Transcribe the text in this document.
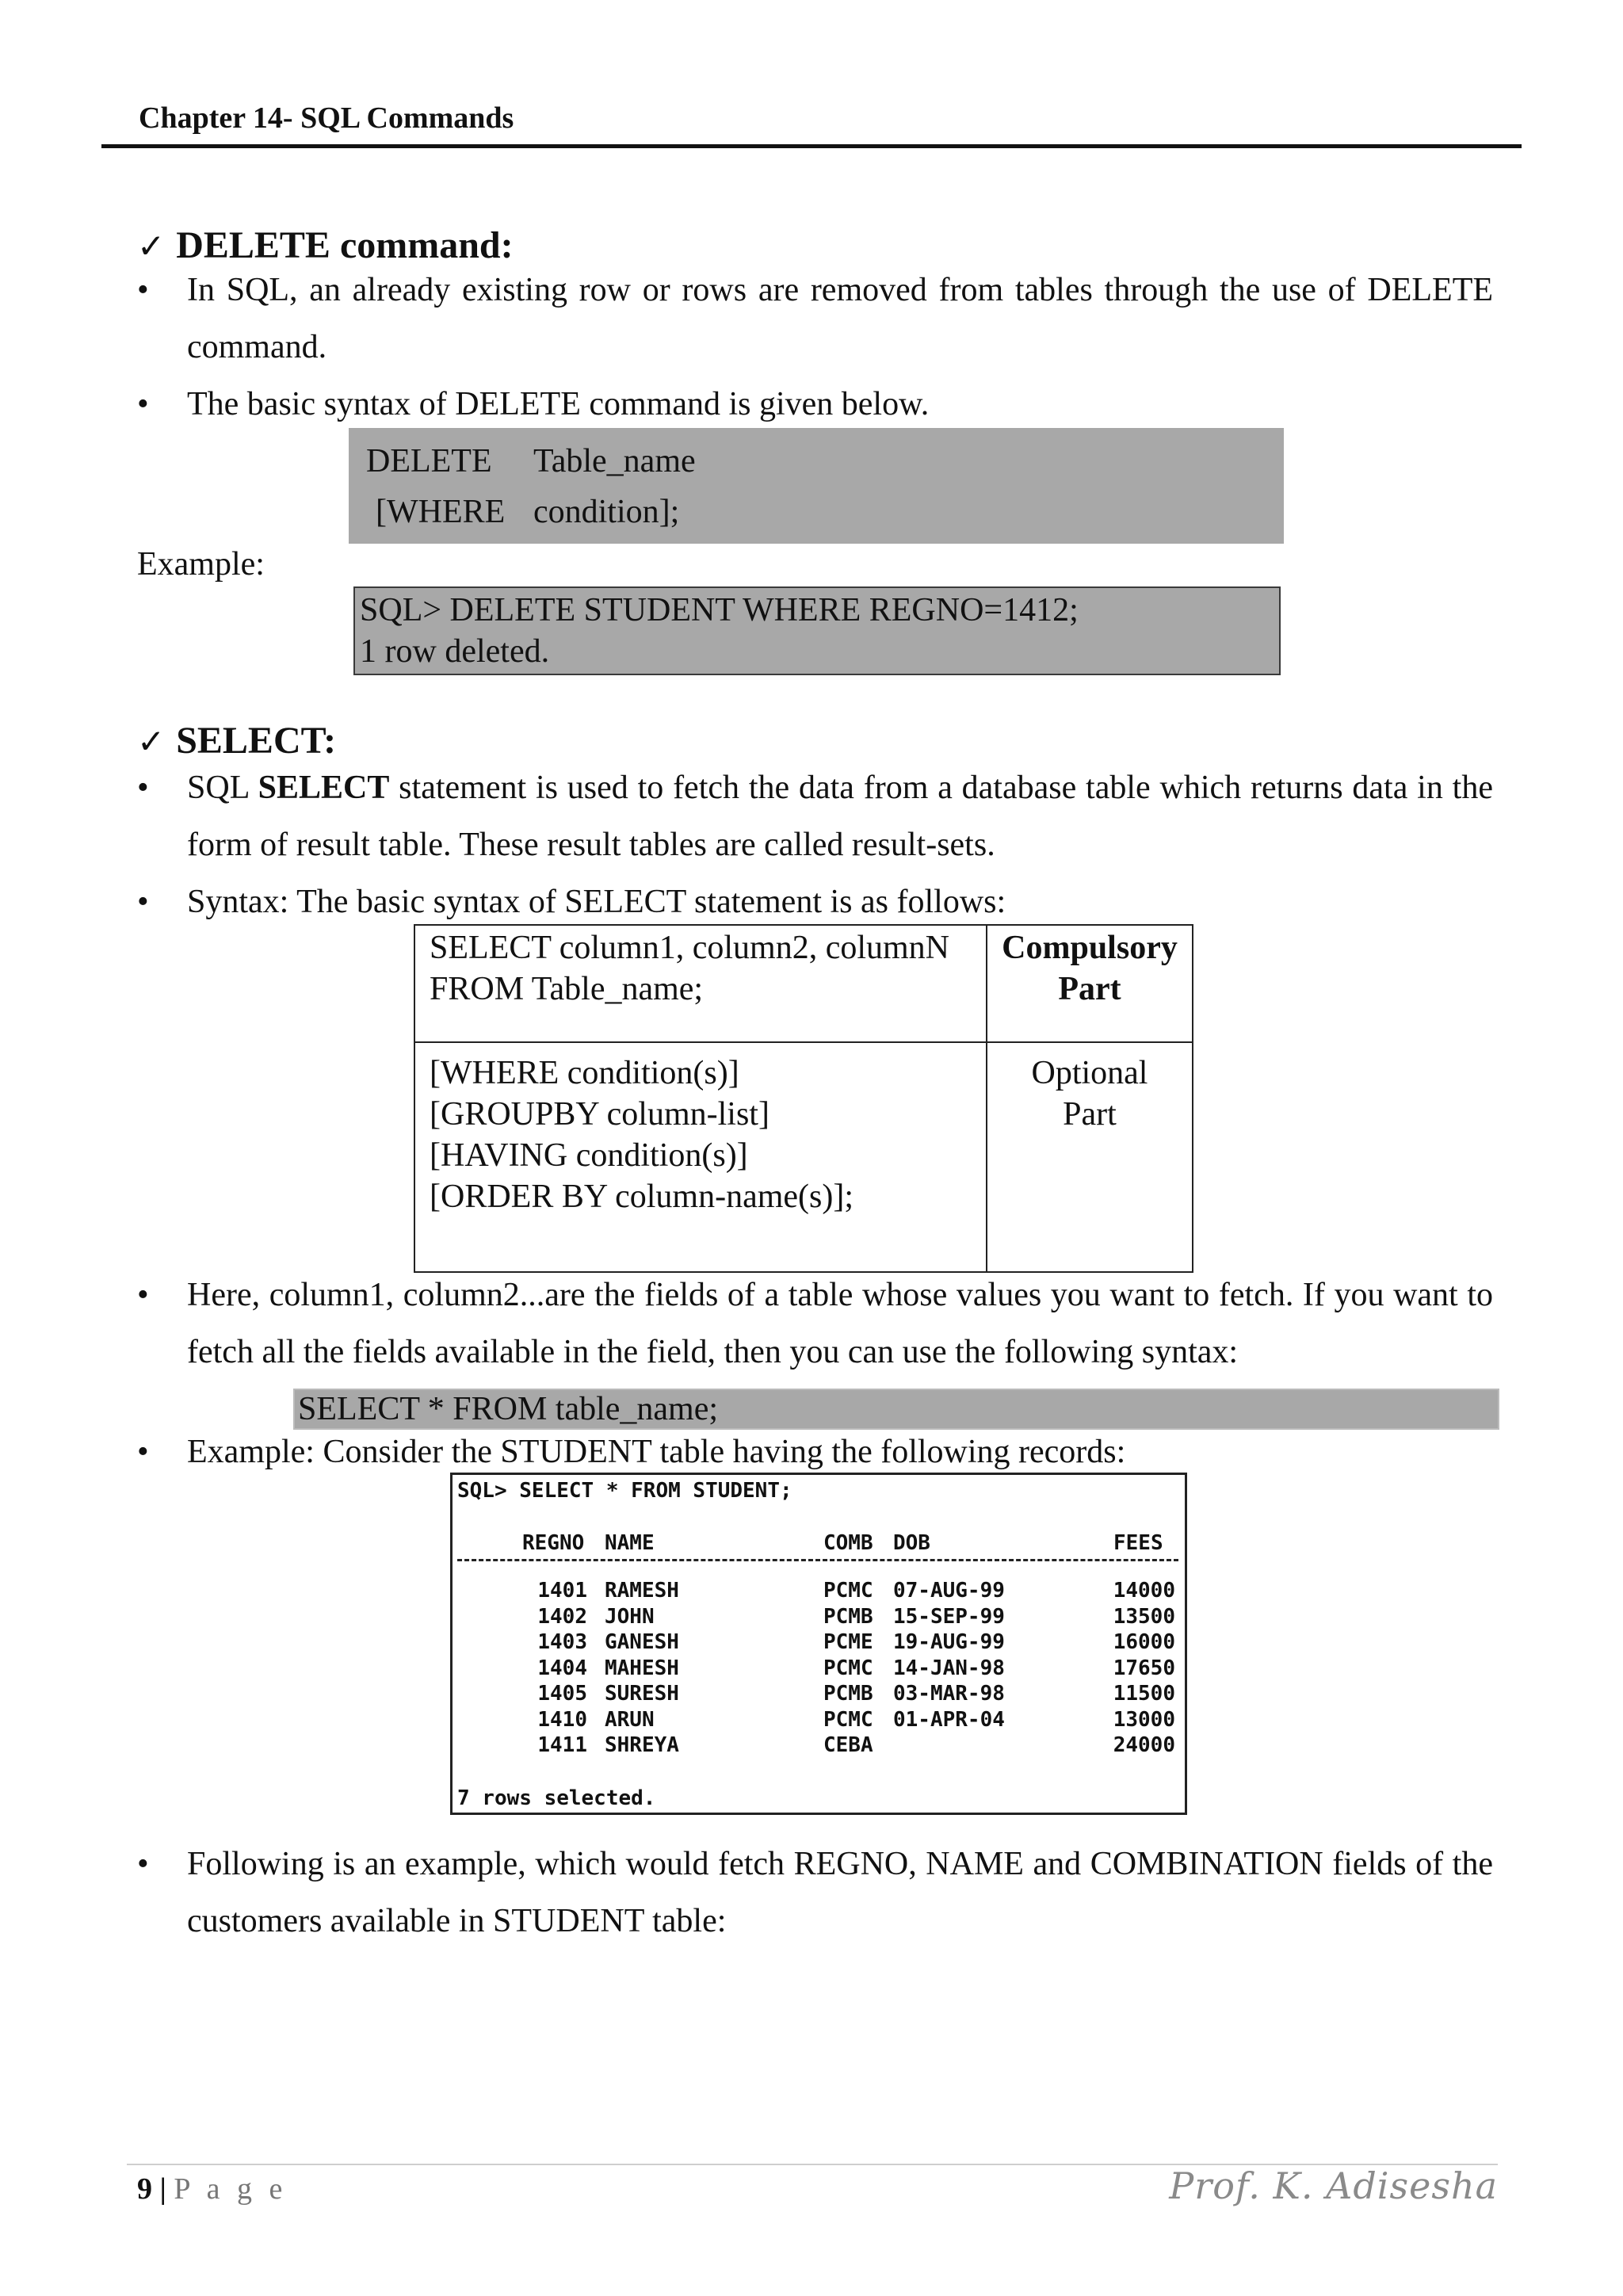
Chapter 14- SQL Commands
✓ DELETE command:
• In SQL, an already existing row or rows are removed from tables through the use of DELETE command.
• The basic syntax of DELETE command is given below.
DELETE Table_name
[WHERE condition];
Example:
SQL> DELETE STUDENT WHERE REGNO=1412;
1 row deleted.
✓ SELECT:
• SQL SELECT statement is used to fetch the data from a database table which returns data in the form of result table. These result tables are called result-sets.
• Syntax: The basic syntax of SELECT statement is as follows:
SELECT column1, column2, columnN
FROM Table_name;	Compulsory
Part

[WHERE condition(s)]
[GROUPBY column-list]
[HAVING condition(s)]
[ORDER BY column-name(s)];	Optional
Part
• Here, column1, column2...are the fields of a table whose values you want to fetch. If you want to fetch all the fields available in the field, then you can use the following syntax:
SELECT * FROM table_name;
• Example: Consider the STUDENT table having the following records:
SQL> SELECT * FROM STUDENT;
REGNO NAME	COMB DOB	FEES
1401 RAMESH	PCMC 07-AUG-99	14000
1402 JOHN	PCMB 15-SEP-99	13500
1403 GANESH	PCME 19-AUG-99	16000
1404 MAHESH	PCMC 14-JAN-98	17650
1405 SURESH	PCMB 03-MAR-98	11500
1410 ARUN	PCMC 01-APR-04	13000
1411 SHREYA	CEBA	24000
7 rows selected.
• Following is an example, which would fetch REGNO, NAME and COMBINATION fields of the customers available in STUDENT table:
9 | P a g e	Prof. K. Adisesha
